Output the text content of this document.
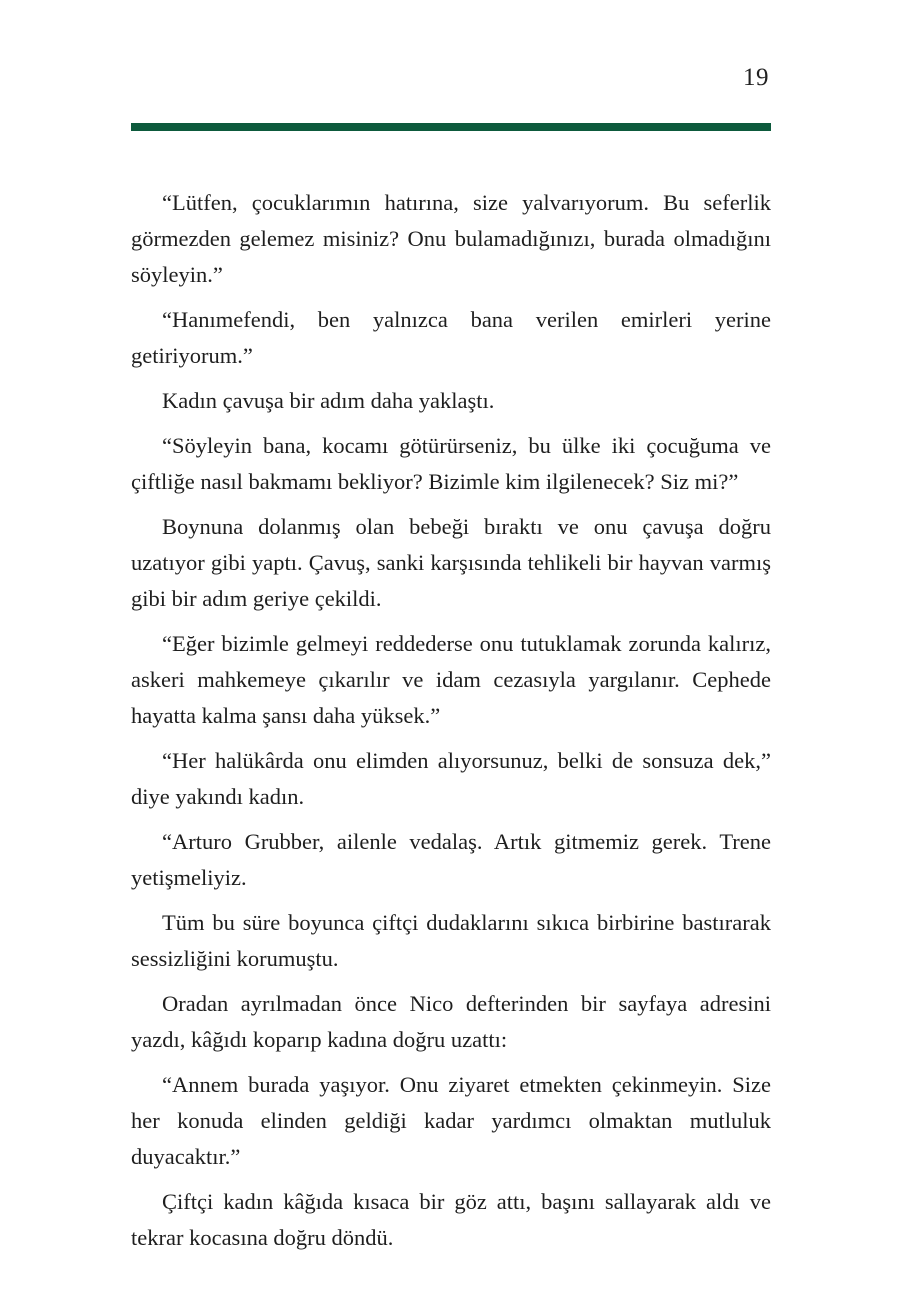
19

“Lütfen, çocuklarımın hatırına, size yalvarıyorum. Bu seferlik görmezden gelemez misiniz? Onu bulamadığınızı, burada olmadığını söyleyin.”

“Hanımefendi, ben yalnızca bana verilen emirleri yerine getiriyorum.”

Kadın çavuşa bir adım daha yaklaştı.

“Söyleyin bana, kocamı götürürseniz, bu ülke iki çocuğuma ve çiftliğe nasıl bakmamı bekliyor? Bizimle kim ilgilenecek? Siz mi?”

Boynuna dolanmış olan bebeği bıraktı ve onu çavuşa doğru uzatıyor gibi yaptı. Çavuş, sanki karşısında tehlikeli bir hayvan varmış gibi bir adım geriye çekildi.

“Eğer bizimle gelmeyi reddederse onu tutuklamak zorunda kalırız, askeri mahkemeye çıkarılır ve idam cezasıyla yargılanır. Cephede hayatta kalma şansı daha yüksek.”

“Her halükârda onu elimden alıyorsunuz, belki de sonsuza dek,” diye yakındı kadın.

“Arturo Grubber, ailenle vedalaş. Artık gitmemiz gerek. Trene yetişmeliyiz.

Tüm bu süre boyunca çiftçi dudaklarını sıkıca birbirine bastırarak sessizliğini korumuştu.

Oradan ayrılmadan önce Nico defterinden bir sayfaya adresini yazdı, kâğıdı koparıp kadına doğru uzattı:

“Annem burada yaşıyor. Onu ziyaret etmekten çekinmeyin. Size her konuda elinden geldiği kadar yardımcı olmaktan mutluluk duyacaktır.”

Çiftçi kadın kâğıda kısaca bir göz attı, başını sallayarak aldı ve tekrar kocasına doğru döndü.
